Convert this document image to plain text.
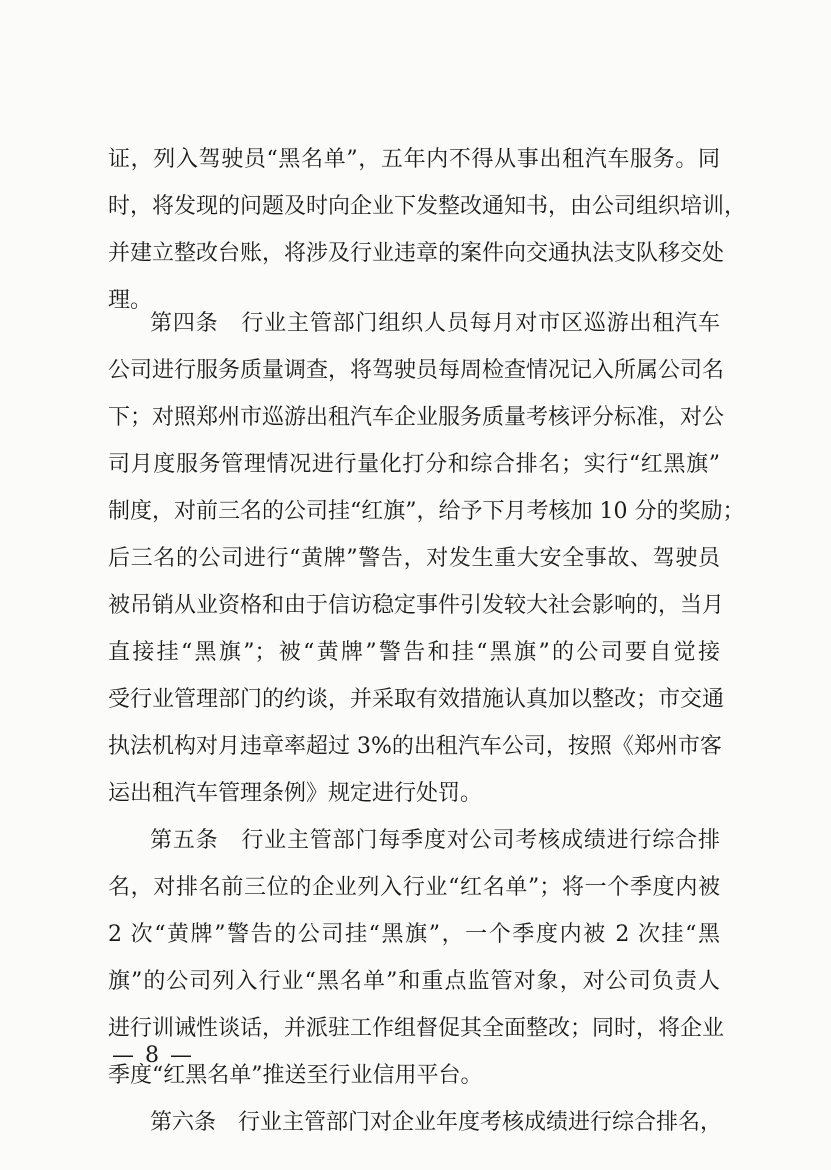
证，列入驾驶员“黑名单”，五年内不得从事出租汽车服务。同
时，将发现的问题及时向企业下发整改通知书，由公司组织培训，
并建立整改台账，将涉及行业违章的案件向交通执法支队移交处
理。
第四条　行业主管部门组织人员每月对市区巡游出租汽车
公司进行服务质量调查，将驾驶员每周检查情况记入所属公司名
下；对照郑州市巡游出租汽车企业服务质量考核评分标准，对公
司月度服务管理情况进行量化打分和综合排名；实行“红黑旗”
制度，对前三名的公司挂“红旗”，给予下月考核加 10 分的奖励；
后三名的公司进行“黄牌”警告，对发生重大安全事故、驾驶员
被吊销从业资格和由于信访稳定事件引发较大社会影响的，当月
直接挂“黑旗”；被“黄牌”警告和挂“黑旗”的公司要自觉接
受行业管理部门的约谈，并采取有效措施认真加以整改；市交通
执法机构对月违章率超过 3%的出租汽车公司，按照《郑州市客
运出租汽车管理条例》规定进行处罚。
第五条　行业主管部门每季度对公司考核成绩进行综合排
名，对排名前三位的企业列入行业“红名单”；将一个季度内被
2 次“黄牌”警告的公司挂“黑旗”，一个季度内被 2 次挂“黑
旗”的公司列入行业“黑名单”和重点监管对象，对公司负责人
进行训诫性谈话，并派驻工作组督促其全面整改；同时，将企业
季度“红黑名单”推送至行业信用平台。
第六条　行业主管部门对企业年度考核成绩进行综合排名，
— 8 —
